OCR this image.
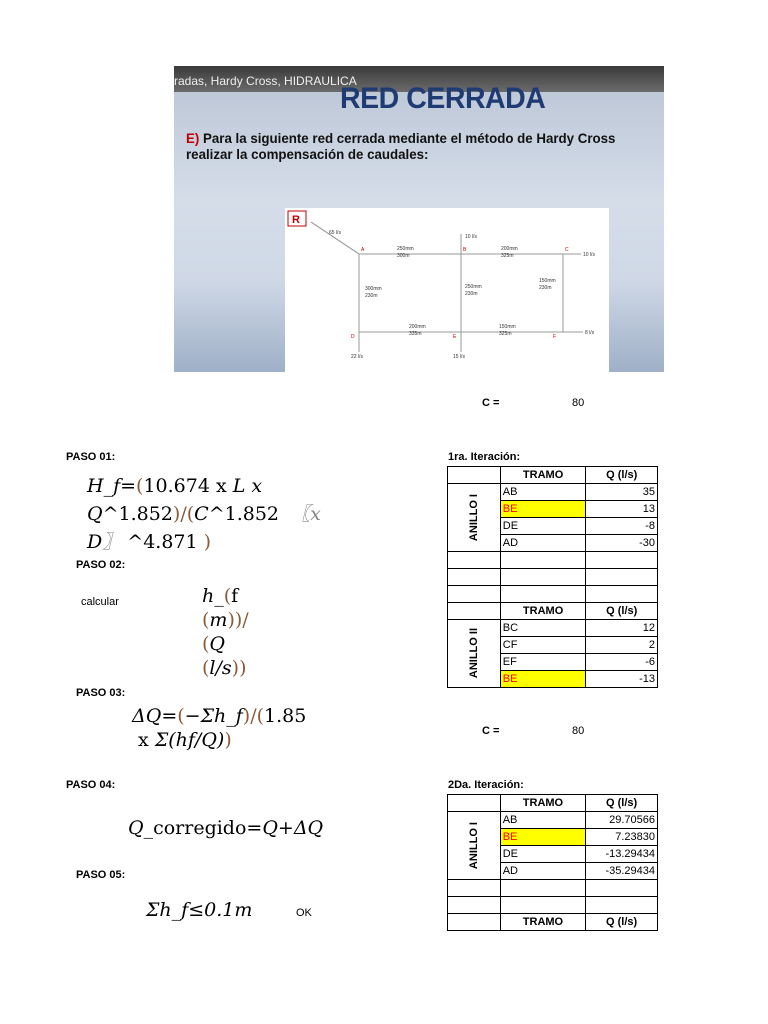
radas, Hardy Cross, HIDRAULICA
RED CERRADA
E) Para la siguiente red cerrada mediante el método de Hardy Cross realizar la compensación de caudales:
R
65 l/s
A	B	C
D	E	F
10 l/s
10 l/s
8 l/s
22 l/s	15 l/s
250mm
300m
200mm
325m
300mm
230m
250mm
230m
150mm
230m
200mm
335m
150mm
325m
C =	80
PASO 01:
H_f=(10.674 x L x
Q^1.852)/(C^1.852 〖x
D〗 ^4.871 )
PASO 02:
calcular	h_(f
(m))/
(Q
(l/s))
PASO 03:
ΔQ=(−Σh_f)/(1.85
x Σ(hf/Q))
PASO 04:
Q_corregido=Q+ΔQ
PASO 05:
Σh_f≤0.1m	OK
1ra. Iteración:
	TRAMO	Q (l/s)

ANILLO I	AB	35
	BE	13
	DE	-8
	AD	-30

	TRAMO	Q (l/s)

ANILLO II	BC	12
	CF	2
	EF	-6
	BE	-13
C =	80
2Da. Iteración:
	TRAMO	Q (l/s)

ANILLO I	AB	29.70566
	BE	7.23830
	DE	-13.29434
	AD	-35.29434

	TRAMO	Q (l/s)
